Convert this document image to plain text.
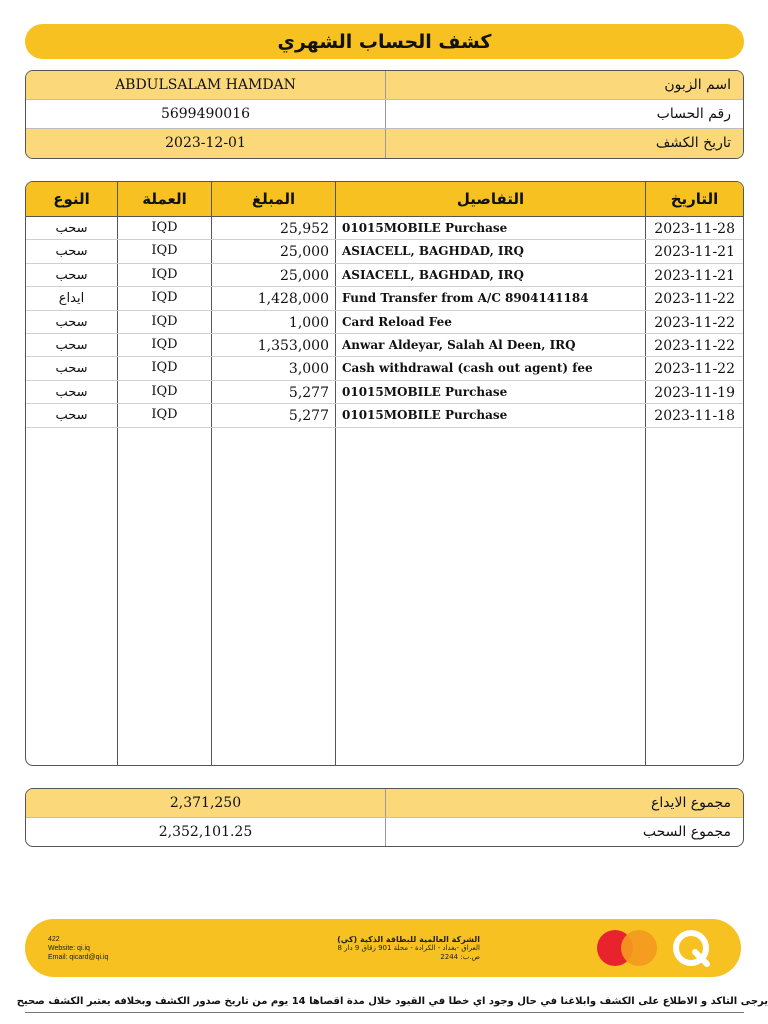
كشف الحساب الشهري
ABDULSALAM HAMDAN	اسم الزبون
5699490016	رقم الحساب
2023-12-01	تاريخ الكشف
النوع	العملة	المبلغ	التفاصيل	التاريخ
سحب	IQD	25,952	01015MOBILE Purchase	2023-11-28
سحب	IQD	25,000	ASIACELL, BAGHDAD, IRQ	2023-11-21
سحب	IQD	25,000	ASIACELL, BAGHDAD, IRQ	2023-11-21
ايداع	IQD	1,428,000	Fund Transfer from A/C 8904141184	2023-11-22
سحب	IQD	1,000	Card Reload Fee	2023-11-22
سحب	IQD	1,353,000	Anwar Aldeyar, Salah Al Deen, IRQ	2023-11-22
سحب	IQD	3,000	Cash withdrawal (cash out agent) fee	2023-11-22
سحب	IQD	5,277	01015MOBILE Purchase	2023-11-19
سحب	IQD	5,277	01015MOBILE Purchase	2023-11-18
2,371,250	مجموع الايداع
2,352,101.25	مجموع السحب
422
Website: qi.iq
Email: qicard@qi.iq
الشركة العالمية للبطاقة الذكية (كي)
العراق -بغداد - الكرادة - محلة 901 زقاق 9 دار 8
ص.ب: 2244
يرجى التاكد و الاطلاع على الكشف وابلاغنا في حال وجود اي خطأ في القيود خلال مدة اقصاها 14 يوم من تاريخ صدور الكشف وبخلافه يعتبر الكشف صحيح
